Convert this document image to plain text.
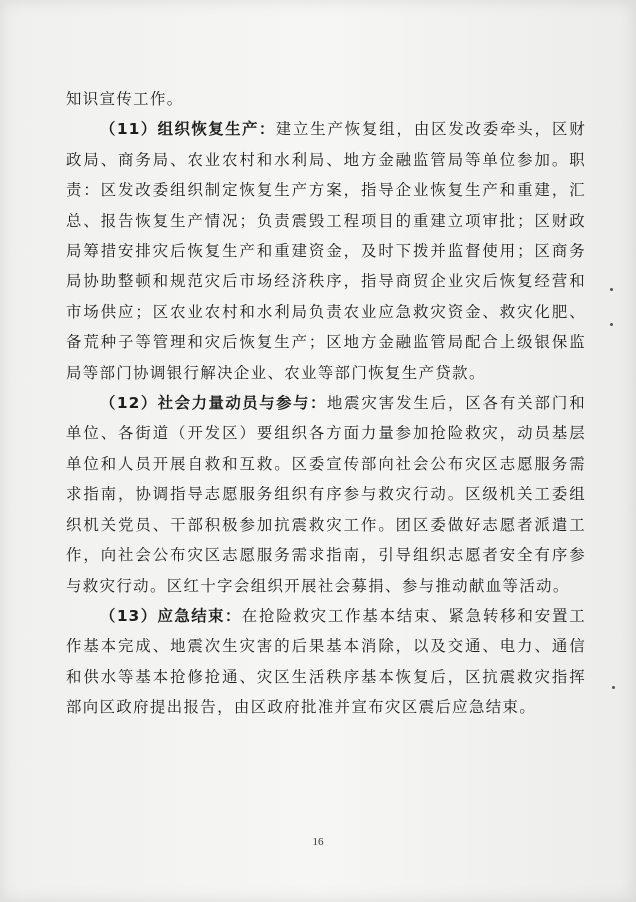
知识宣传工作。

（11）组织恢复生产：建立生产恢复组，由区发改委牵头，区财政局、商务局、农业农村和水利局、地方金融监管局等单位参加。职责：区发改委组织制定恢复生产方案，指导企业恢复生产和重建，汇总、报告恢复生产情况；负责震毁工程项目的重建立项审批；区财政局筹措安排灾后恢复生产和重建资金，及时下拨并监督使用；区商务局协助整顿和规范灾后市场经济秩序，指导商贸企业灾后恢复经营和市场供应；区农业农村和水利局负责农业应急救灾资金、救灾化肥、备荒种子等管理和灾后恢复生产；区地方金融监管局配合上级银保监局等部门协调银行解决企业、农业等部门恢复生产贷款。

（12）社会力量动员与参与：地震灾害发生后，区各有关部门和单位、各街道（开发区）要组织各方面力量参加抢险救灾，动员基层单位和人员开展自救和互救。区委宣传部向社会公布灾区志愿服务需求指南，协调指导志愿服务组织有序参与救灾行动。区级机关工委组织机关党员、干部积极参加抗震救灾工作。团区委做好志愿者派遣工作，向社会公布灾区志愿服务需求指南，引导组织志愿者安全有序参与救灾行动。区红十字会组织开展社会募捐、参与推动献血等活动。

（13）应急结束：在抢险救灾工作基本结束、紧急转移和安置工作基本完成、地震次生灾害的后果基本消除，以及交通、电力、通信和供水等基本抢修抢通、灾区生活秩序基本恢复后，区抗震救灾指挥部向区政府提出报告，由区政府批准并宣布灾区震后应急结束。

16
